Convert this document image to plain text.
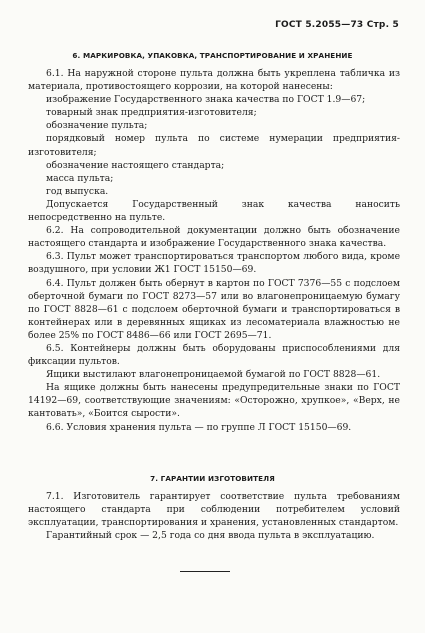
ГОСТ 5.2055—73 Стр. 5
6. МАРКИРОВКА, УПАКОВКА, ТРАНСПОРТИРОВАНИЕ И ХРАНЕНИЕ

6.1. На наружной стороне пульта должна быть укреплена табличка из материала, противостоящего коррозии, на которой нанесены:

изображение Государственного знака качества по ГОСТ 1.9—67;

товарный знак предприятия-изготовителя;

обозначение пульта;

порядковый номер пульта по системе нумерации предприятия-изготовителя;

обозначение настоящего стандарта;

масса пульта;

год выпуска.

Допускается Государственный знак качества наносить непосредственно на пульте.

6.2. На сопроводительной документации должно быть обозначение настоящего стандарта и изображение Государственного знака качества.

6.3. Пульт может транспортироваться транспортом любого вида, кроме воздушного, при условии Ж1 ГОСТ 15150—69.

6.4. Пульт должен быть обернут в картон по ГОСТ 7376—55 с подслоем оберточной бумаги по ГОСТ 8273—57 или во влагонепроницаемую бумагу по ГОСТ 8828—61 с подслоем оберточной бумаги и транспортироваться в контейнерах или в деревянных ящиках из лесоматериала влажностью не более 25% по ГОСТ 8486—66 или ГОСТ 2695—71.

6.5. Контейнеры должны быть оборудованы приспособлениями для фиксации пультов.

Ящики выстилают влагонепроницаемой бумагой по ГОСТ 8828—61.

На ящике должны быть нанесены предупредительные знаки по ГОСТ 14192—69, соответствующие значениям: «Осторожно, хрупкое», «Верх, не кантовать», «Боится сырости».

6.6. Условия хранения пульта — по группе Л ГОСТ 15150—69.

7. ГАРАНТИИ ИЗГОТОВИТЕЛЯ

7.1. Изготовитель гарантирует соответствие пульта требованиям настоящего стандарта при соблюдении потребителем условий эксплуатации, транспортирования и хранения, установленных стандартом.

Гарантийный срок — 2,5 года со дня ввода пульта в эксплуатацию.
